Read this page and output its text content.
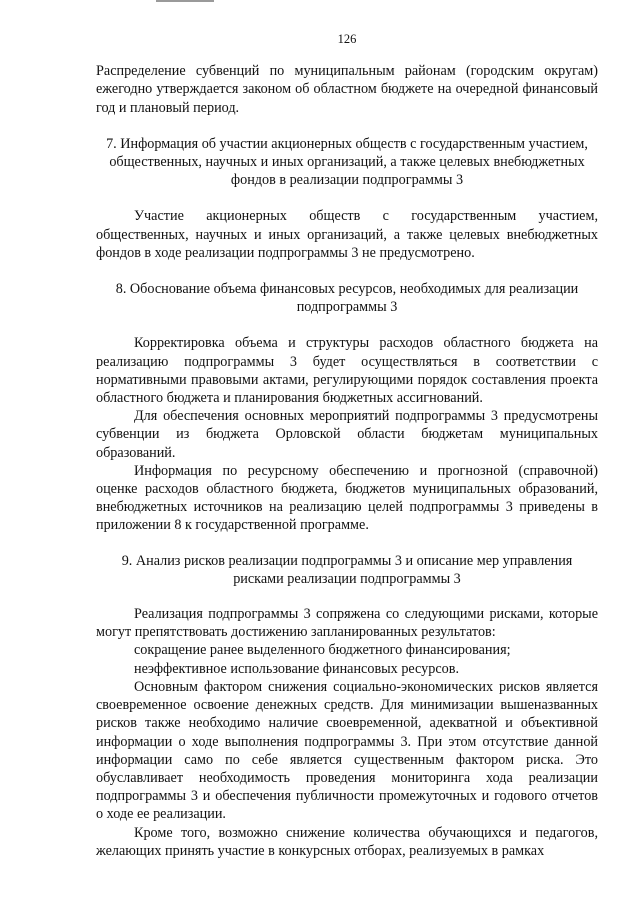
126

Распределение субвенций по муниципальным районам (городским округам) ежегодно утверждается законом об областном бюджете на очередной финансовый год и плановый период.

7. Информация об участии акционерных обществ с государственным участием, общественных, научных и иных организаций, а также целевых внебюджетных фондов в реализации подпрограммы 3

Участие акционерных обществ с государственным участием, общественных, научных и иных организаций, а также целевых внебюджетных фондов в ходе реализации подпрограммы 3 не предусмотрено.

8. Обоснование объема финансовых ресурсов, необходимых для реализации подпрограммы 3

Корректировка объема и структуры расходов областного бюджета на реализацию подпрограммы 3 будет осуществляться в соответствии с нормативными правовыми актами, регулирующими порядок составления проекта областного бюджета и планирования бюджетных ассигнований.

Для обеспечения основных мероприятий подпрограммы 3 предусмотрены субвенции из бюджета Орловской области бюджетам муниципальных образований.

Информация по ресурсному обеспечению и прогнозной (справочной) оценке расходов областного бюджета, бюджетов муниципальных образований, внебюджетных источников на реализацию целей подпрограммы 3 приведены в приложении 8 к государственной программе.

9. Анализ рисков реализации подпрограммы 3 и описание мер управления рисками реализации подпрограммы 3

Реализация подпрограммы 3 сопряжена со следующими рисками, которые могут препятствовать достижению запланированных результатов:

сокращение ранее выделенного бюджетного финансирования;

неэффективное использование финансовых ресурсов.

Основным фактором снижения социально-экономических рисков является своевременное освоение денежных средств. Для минимизации вышеназванных рисков также необходимо наличие своевременной, адекватной и объективной информации о ходе выполнения подпрограммы 3. При этом отсутствие данной информации само по себе является существенным фактором риска. Это обуславливает необходимость проведения мониторинга хода реализации подпрограммы 3 и обеспечения публичности промежуточных и годового отчетов о ходе ее реализации.

Кроме того, возможно снижение количества обучающихся и педагогов, желающих принять участие в конкурсных отборах, реализуемых в рамках
